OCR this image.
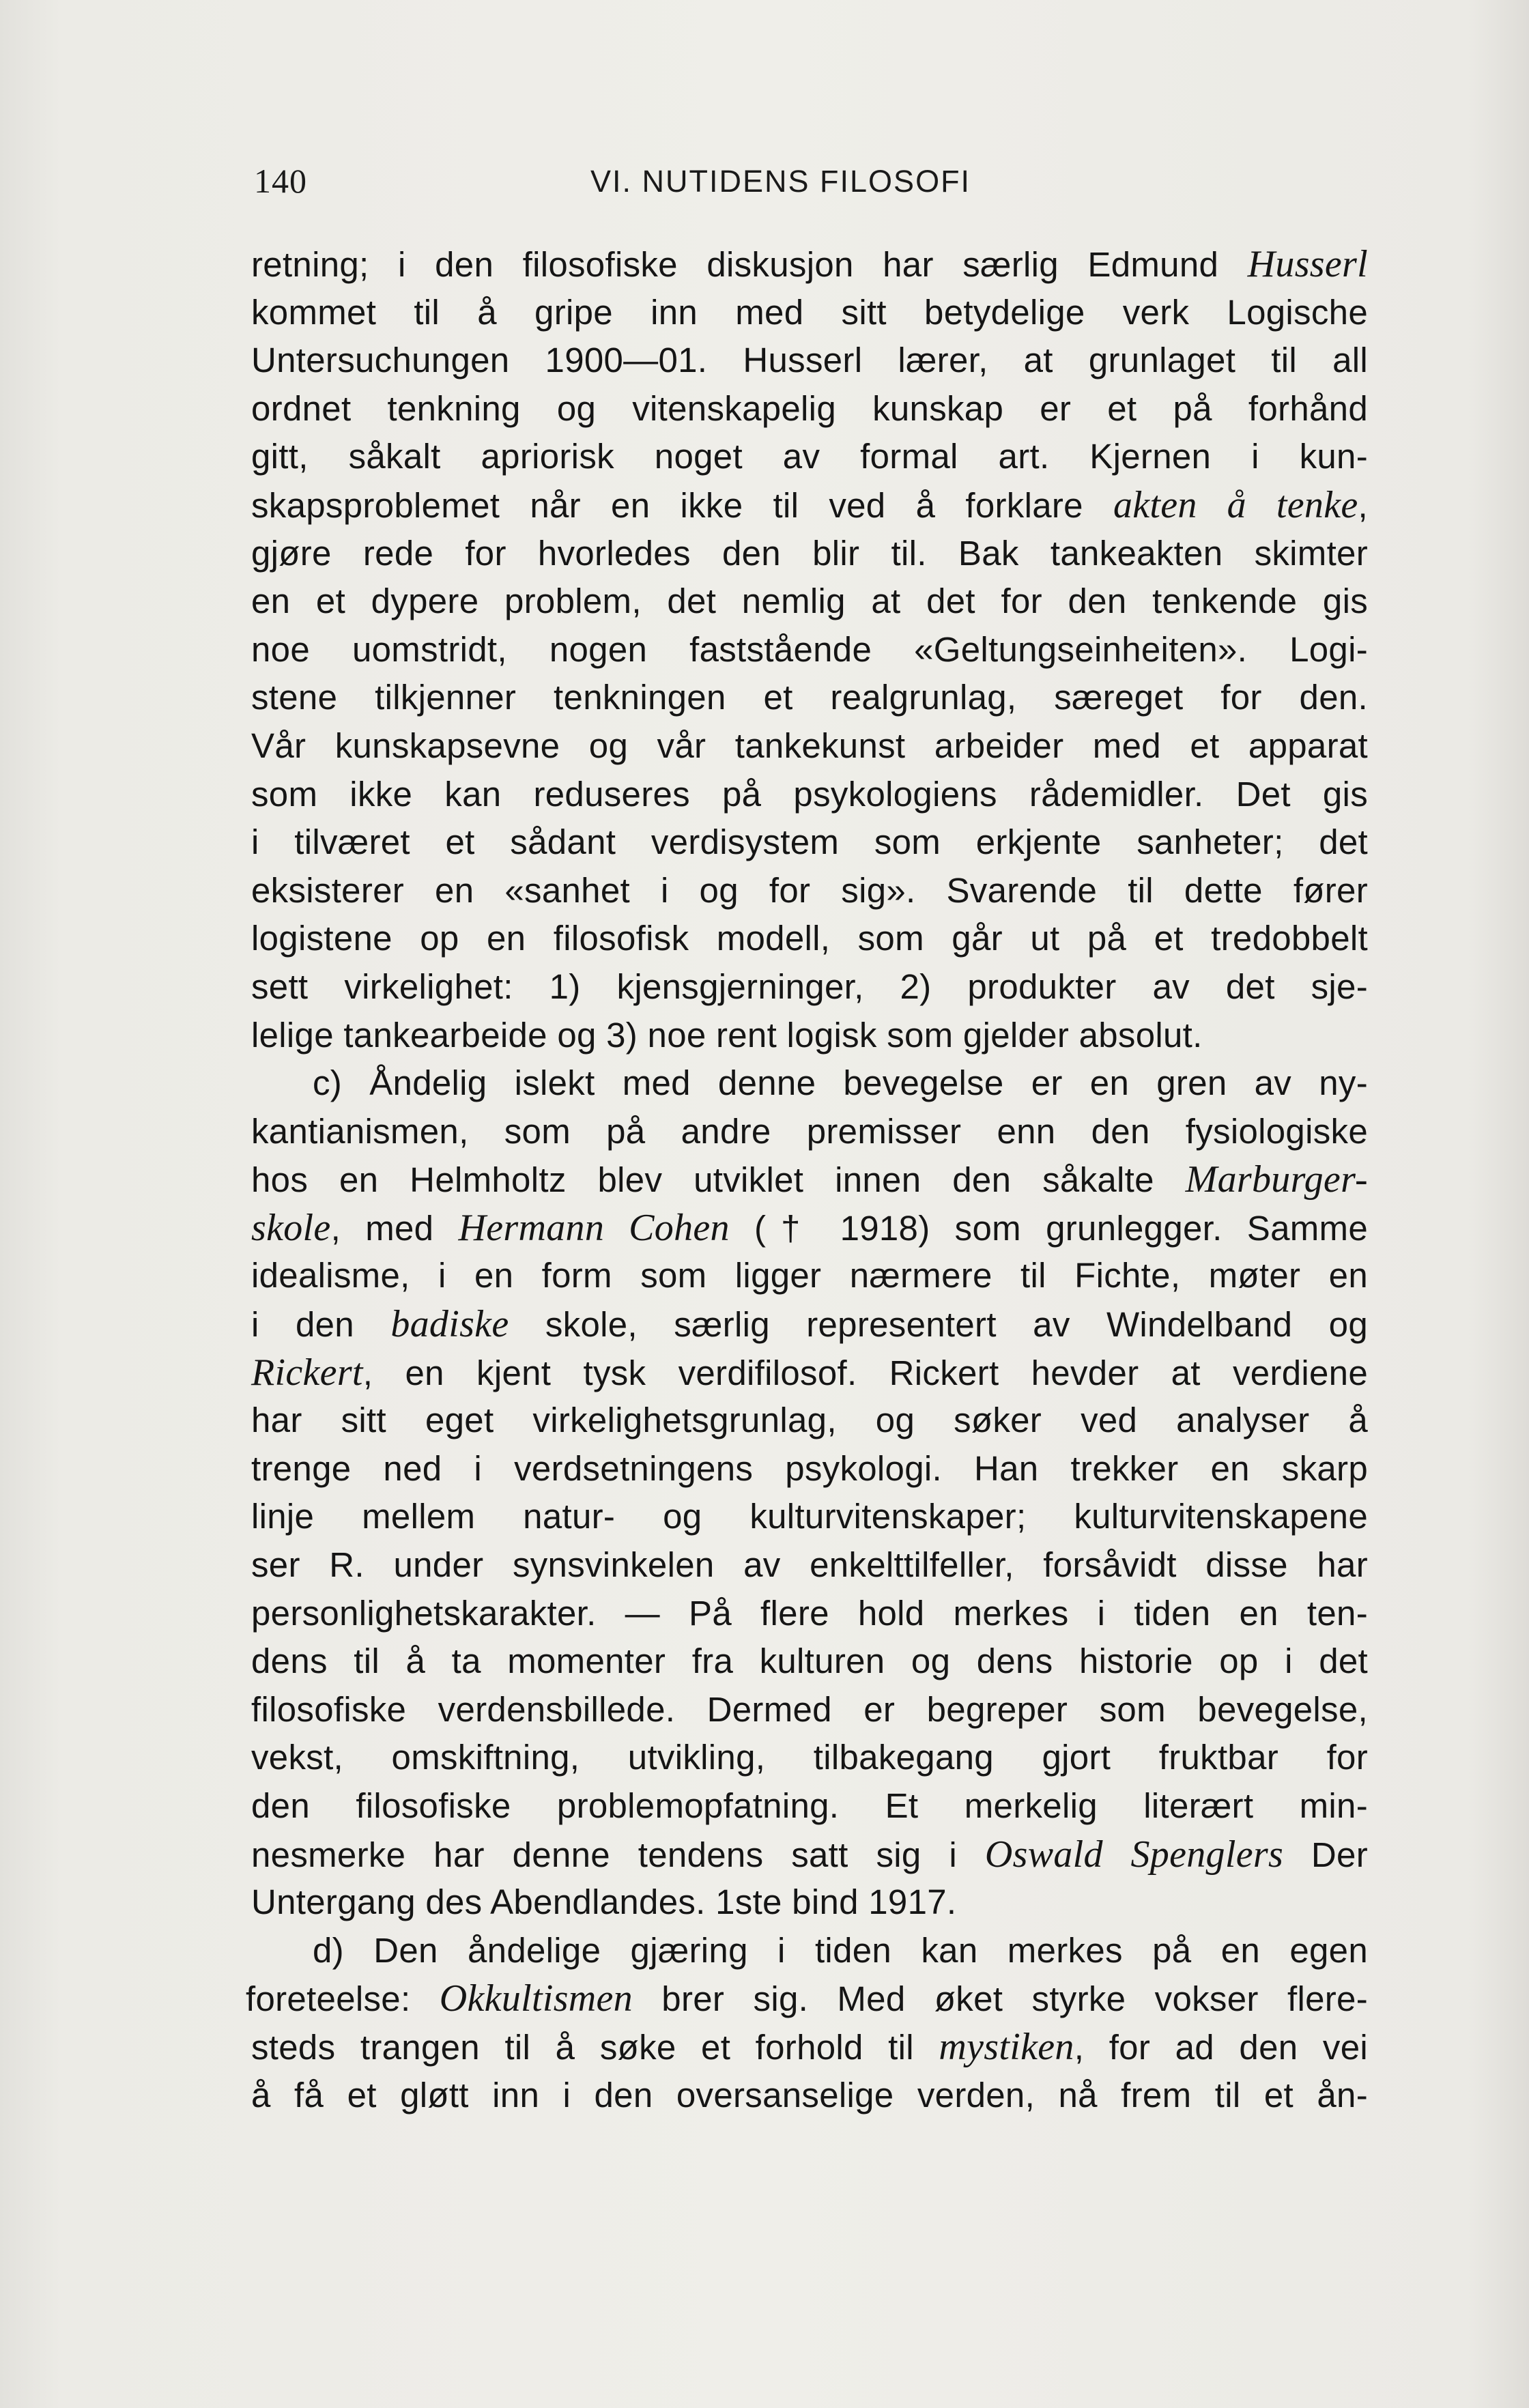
140	VI. NUTIDENS FILOSOFI
retning; i den filosofiske diskusjon har særlig Edmund Husserl
kommet til å gripe inn med sitt betydelige verk Logische
Untersuchungen 1900—01. Husserl lærer, at grunlaget til all
ordnet tenkning og vitenskapelig kunskap er et på forhånd
gitt, såkalt apriorisk noget av formal art. Kjernen i kun-
skapsproblemet når en ikke til ved å forklare akten å tenke,
gjøre rede for hvorledes den blir til. Bak tankeakten skimter
en et dypere problem, det nemlig at det for den tenkende gis
noe uomstridt, nogen faststående «Geltungseinheiten». Logi-
stene tilkjenner tenkningen et realgrunlag, særeget for den.
Vår kunskapsevne og vår tankekunst arbeider med et apparat
som ikke kan reduseres på psykologiens rådemidler. Det gis
i tilværet et sådant verdisystem som erkjente sanheter; det
eksisterer en «sanhet i og for sig». Svarende til dette fører
logistene op en filosofisk modell, som går ut på et tredobbelt
sett virkelighet: 1) kjensgjerninger, 2) produkter av det sje-
lelige tankearbeide og 3) noe rent logisk som gjelder absolut.
c) Åndelig islekt med denne bevegelse er en gren av ny-
kantianismen, som på andre premisser enn den fysiologiske
hos en Helmholtz blev utviklet innen den såkalte Marburger-
skole, med Hermann Cohen († 1918) som grunlegger. Samme
idealisme, i en form som ligger nærmere til Fichte, møter en
i den badiske skole, særlig representert av Windelband og
Rickert, en kjent tysk verdifilosof. Rickert hevder at verdiene
har sitt eget virkelighetsgrunlag, og søker ved analyser å
trenge ned i verdsetningens psykologi. Han trekker en skarp
linje mellem natur- og kulturvitenskaper; kulturvitenskapene
ser R. under synsvinkelen av enkelttilfeller, forsåvidt disse har
personlighetskarakter. — På flere hold merkes i tiden en ten-
dens til å ta momenter fra kulturen og dens historie op i det
filosofiske verdensbillede. Dermed er begreper som bevegelse,
vekst, omskiftning, utvikling, tilbakegang gjort fruktbar for
den filosofiske problemopfatning. Et merkelig literært min-
nesmerke har denne tendens satt sig i Oswald Spenglers Der
Untergang des Abendlandes. 1ste bind 1917.
d) Den åndelige gjæring i tiden kan merkes på en egen
foreteelse: Okkultismen brer sig. Med øket styrke vokser flere-
steds trangen til å søke et forhold til mystiken, for ad den vei
å få et gløtt inn i den oversanselige verden, nå frem til et ån-
